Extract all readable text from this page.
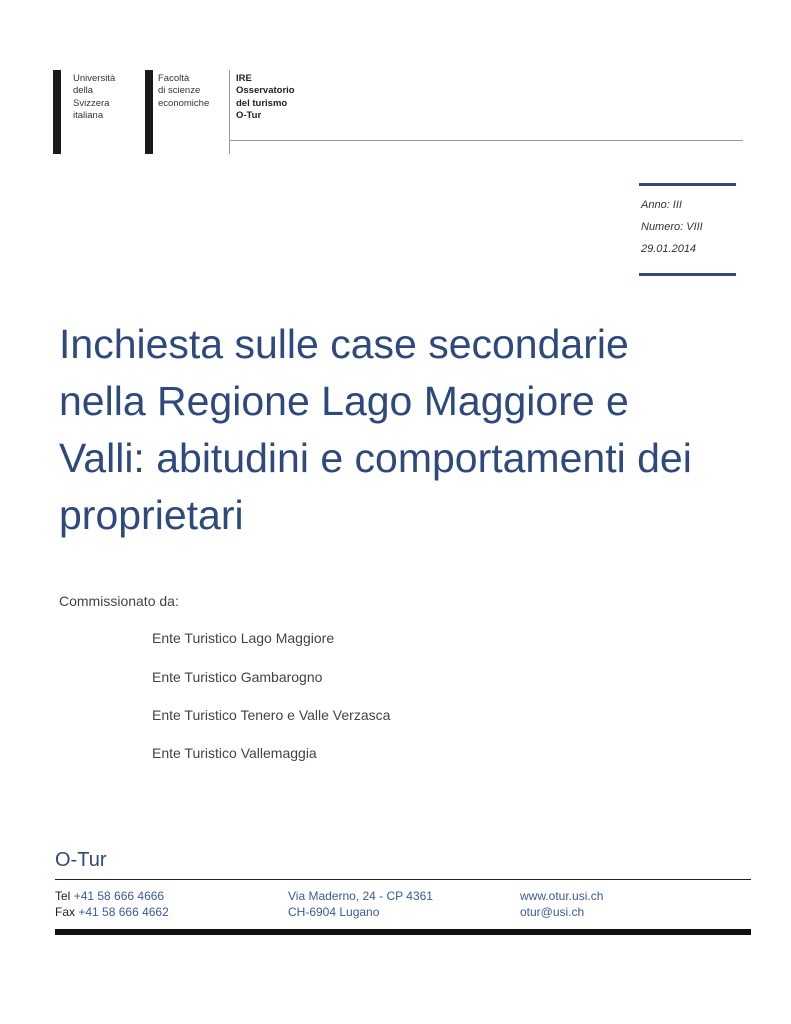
Università
della
Svizzera
italiana
Facoltà
di scienze
economiche
IRE
Osservatorio
del turismo
O-Tur
Anno: III
Numero: VIII
29.01.2014
Inchiesta sulle case secondarie nella Regione Lago Maggiore e Valli: abitudini e comportamenti dei proprietari
Commissionato da:
Ente Turistico Lago Maggiore
Ente Turistico Gambarogno
Ente Turistico Tenero e Valle Verzasca
Ente Turistico Vallemaggia
O-Tur
Tel +41 58 666 4666
Fax +41 58 666 4662
Via Maderno, 24 - CP 4361
CH-6904 Lugano
www.otur.usi.ch
otur@usi.ch
